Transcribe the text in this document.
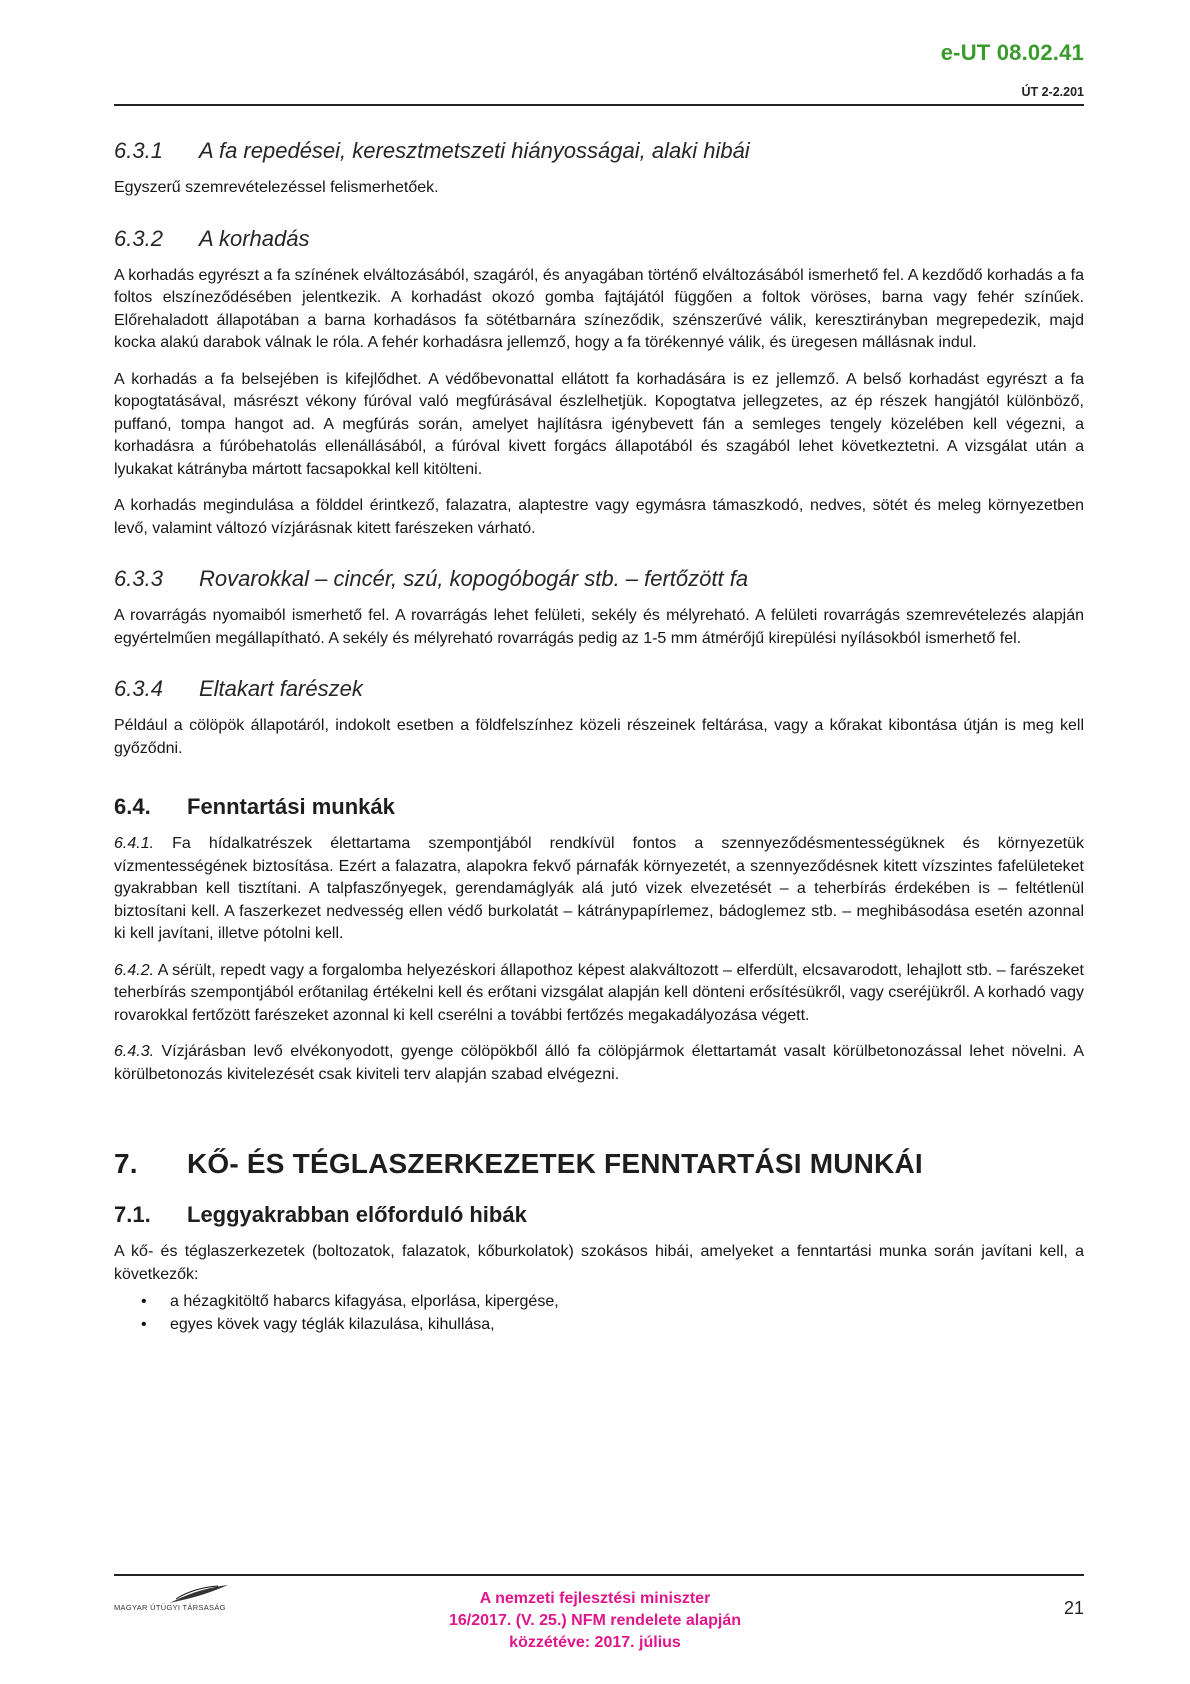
e-UT 08.02.41
ÚT 2-2.201
6.3.1 A fa repedései, keresztmetszeti hiányosságai, alaki hibái

Egyszerű szemrevételezéssel felismerhetőek.

6.3.2 A korhadás

A korhadás egyrészt a fa színének elváltozásából, szagáról, és anyagában történő elváltozásából ismerhető fel. A kezdődő korhadás a fa foltos elszíneződésében jelentkezik. A korhadást okozó gomba fajtájától függően a foltok vöröses, barna vagy fehér színűek. Előrehaladott állapotában a barna korhadásos fa sötétbarnára színeződik, szénszerűvé válik, keresztirányban megrepedezik, majd kocka alakú darabok válnak le róla. A fehér korhadásra jellemző, hogy a fa törékennyé válik, és üregesen mállásnak indul.

A korhadás a fa belsejében is kifejlődhet. A védőbevonattal ellátott fa korhadására is ez jellemző. A belső korhadást egyrészt a fa kopogtatásával, másrészt vékony fúróval való megfúrásával észlelhetjük. Kopogtatva jellegzetes, az ép részek hangjától különböző, puffanó, tompa hangot ad. A megfúrás során, amelyet hajlításra igénybevett fán a semleges tengely közelében kell végezni, a korhadásra a fúróbehatolás ellenállásából, a fúróval kivett forgács állapotából és szagából lehet következtetni. A vizsgálat után a lyukakat kátrányba mártott facsapokkal kell kitölteni.

A korhadás megindulása a földdel érintkező, falazatra, alaptestre vagy egymásra támaszkodó, nedves, sötét és meleg környezetben levő, valamint változó vízjárásnak kitett farészeken várható.

6.3.3 Rovarokkal – cincér, szú, kopogóbogár stb. – fertőzött fa

A rovarrágás nyomaiból ismerhető fel. A rovarrágás lehet felületi, sekély és mélyreható. A felületi rovarrágás szemrevételezés alapján egyértelműen megállapítható. A sekély és mélyreható rovarrágás pedig az 1-5 mm átmérőjű kirepülési nyílásokból ismerhető fel.

6.3.4 Eltakart farészek

Például a cölöpök állapotáról, indokolt esetben a földfelszínhez közeli részeinek feltárása, vagy a kőrakat kibontása útján is meg kell győződni.

6.4. Fenntartási munkák

6.4.1. Fa hídalkatrészek élettartama szempontjából rendkívül fontos a szennyeződésmentességüknek és környezetük vízmentességének biztosítása. Ezért a falazatra, alapokra fekvő párnafák környezetét, a szennyeződésnek kitett vízszintes fafelületeket gyakrabban kell tisztítani. A talpfaszőnyegek, gerendamáglyák alá jutó vizek elvezetését – a teherbírás érdekében is – feltétlenül biztosítani kell. A faszerkezet nedvesség ellen védő burkolatát – kátránypapírlemez, bádoglemez stb. – meghibásodása esetén azonnal ki kell javítani, illetve pótolni kell.

6.4.2. A sérült, repedt vagy a forgalomba helyezéskori állapothoz képest alakváltozott – elferdült, elcsavarodott, lehajlott stb. – farészeket teherbírás szempontjából erőtanilag értékelni kell és erőtani vizsgálat alapján kell dönteni erősítésükről, vagy cseréjükről. A korhadó vagy rovarokkal fertőzött farészeket azonnal ki kell cserélni a további fertőzés megakadályozása végett.

6.4.3. Vízjárásban levő elvékonyodott, gyenge cölöpökből álló fa cölöpjármok élettartamát vasalt körülbetonozással lehet növelni. A körülbetonozás kivitelezését csak kiviteli terv alapján szabad elvégezni.

7. KŐ- ÉS TÉGLASZERKEZETEK FENNTARTÁSI MUNKÁI
7.1. Leggyakrabban előforduló hibák

A kő- és téglaszerkezetek (boltozatok, falazatok, kőburkolatok) szokásos hibái, amelyeket a fenntartási munka során javítani kell, a következők:

• a hézagkitöltő habarcs kifagyása, elporlása, kipergése,
• egyes kövek vagy téglák kilazulása, kihullása,
MAGYAR ÚTÜGYI TÁRSASÁG
A nemzeti fejlesztési miniszter
16/2017. (V. 25.) NFM rendelete alapján
közzétéve: 2017. július
21
